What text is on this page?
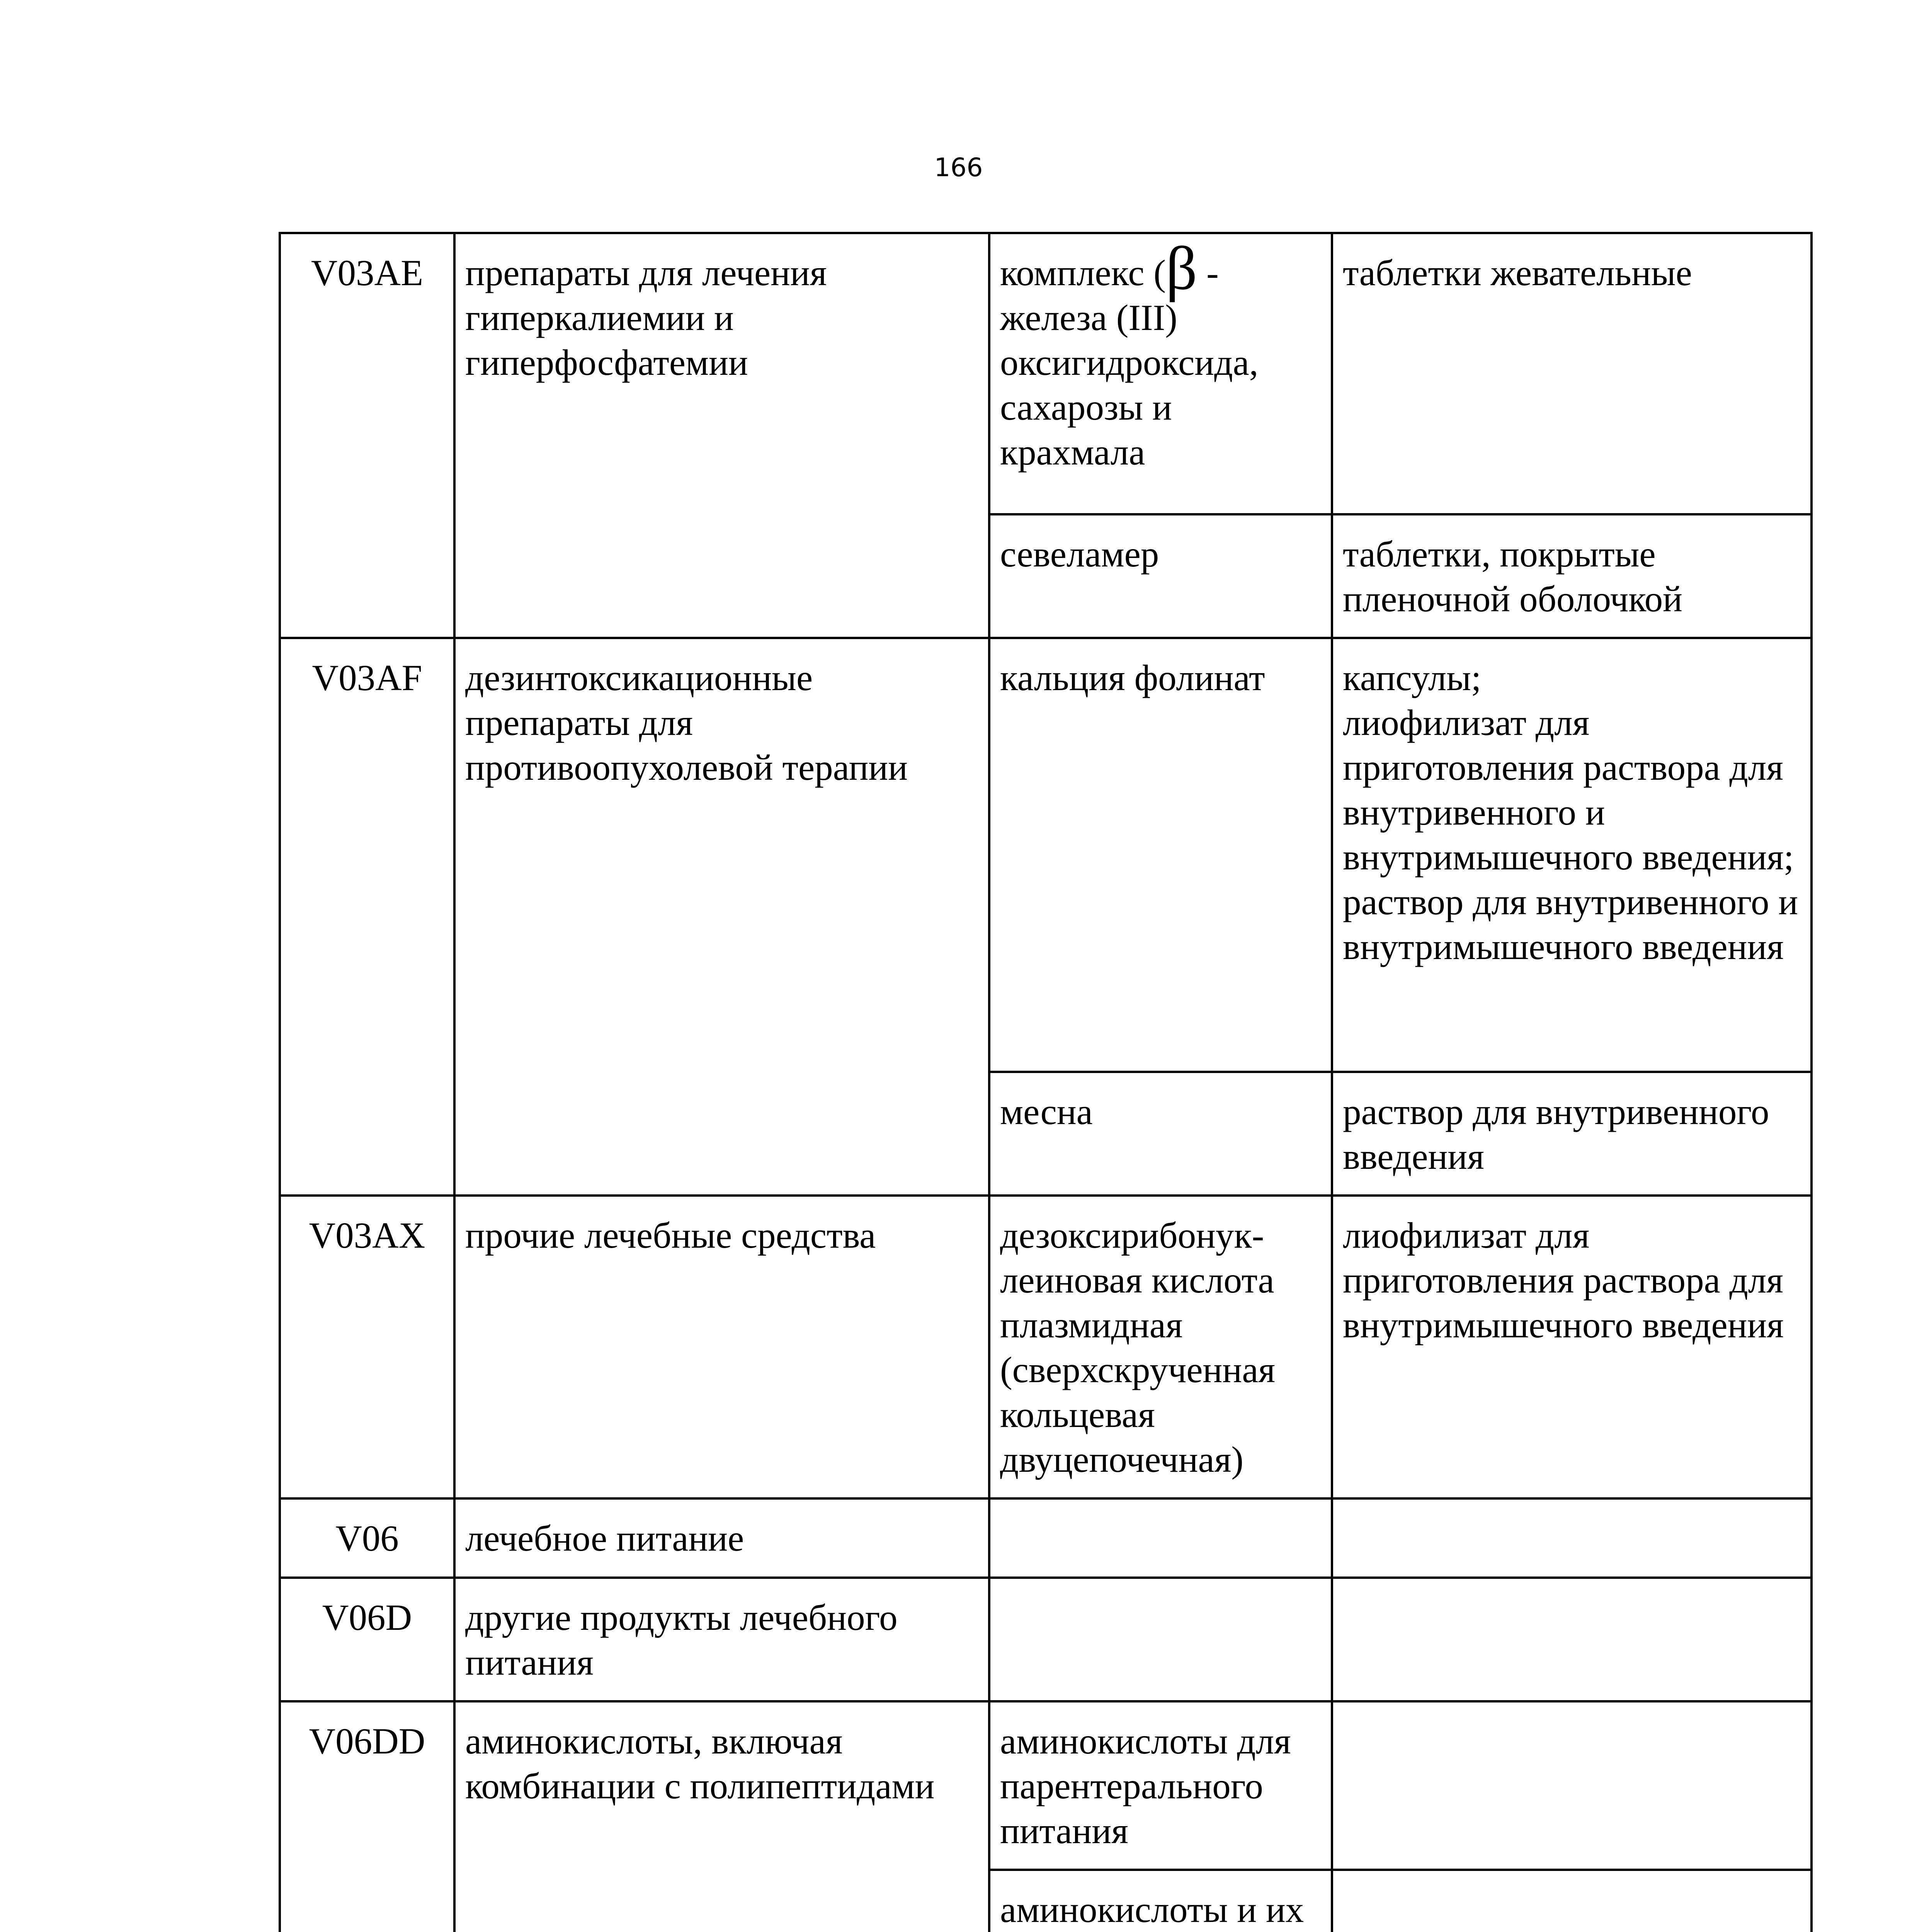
166
V03AE	препараты для лечения гиперкалиемии и гиперфосфатемии	комплекс (β - железа (III) оксигидроксида, сахарозы и крахмала	таблетки жевательные

		севеламер	таблетки, покрытые пленочной оболочкой

V03AF	дезинтоксикационные препараты для противоопухолевой терапии	кальция фолинат	капсулы;
лиофилизат для приготовления раствора для внутривенного и внутримышечного введения;
раствор для внутривенного и внутримышечного введения

		месна	раствор для внутривенного введения

V03AX	прочие лечебные средства	дезоксирибонук-леиновая кислота плазмидная (сверхскрученная кольцевая двуцепочечная)	лиофилизат для приготовления раствора для внутримышечного введения

V06	лечебное питание		
V06D	другие продукты лечебного питания		
V06DD	аминокислоты, включая комбинации с полипептидами	аминокислоты для парентерального питания	
		аминокислоты и их	
